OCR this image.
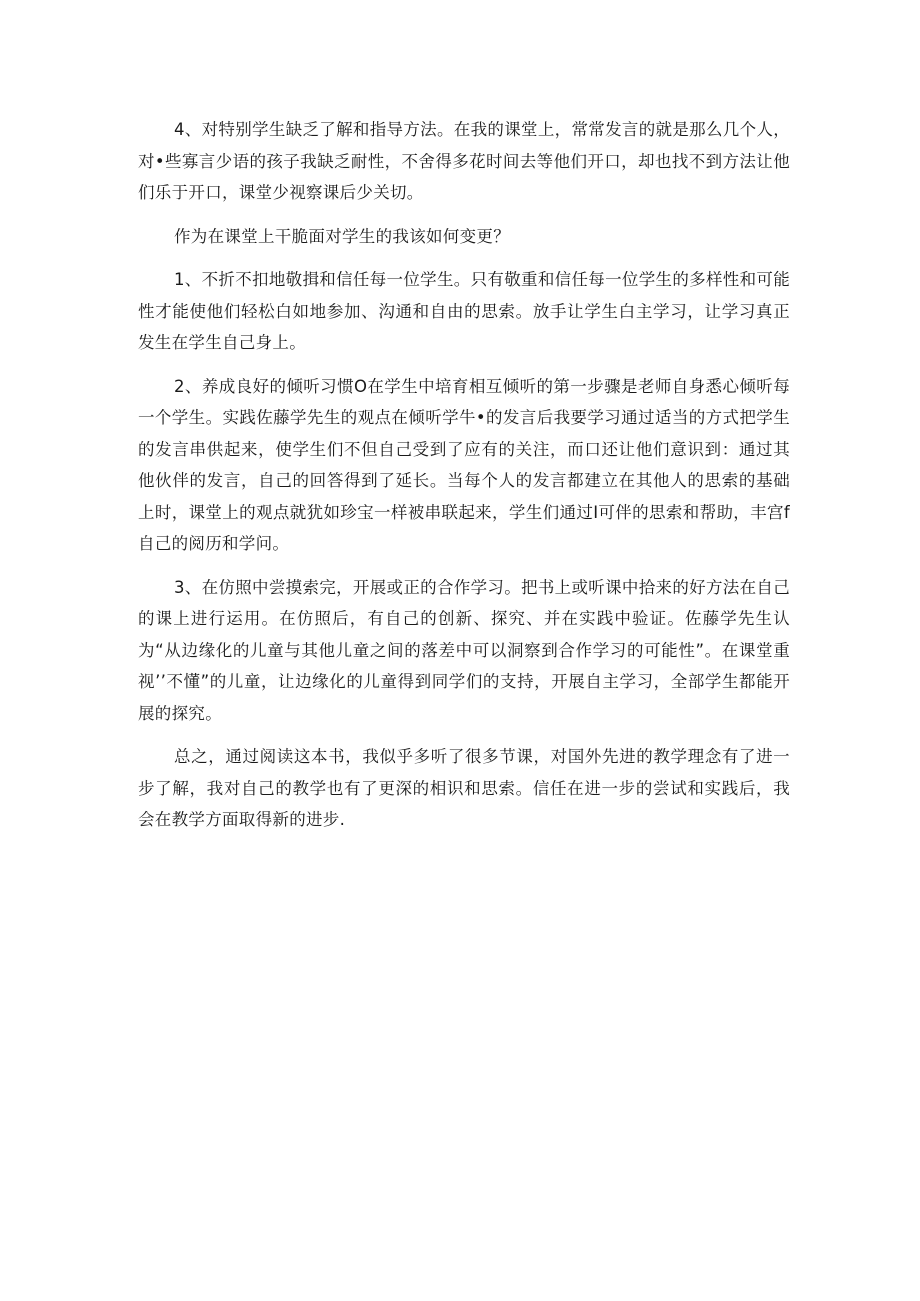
4、对特别学生缺乏了解和指导方法。在我的课堂上，常常发言的就是那么几个人，对•些寡言少语的孩子我缺乏耐性，不舍得多花时间去等他们开口，却也找不到方法让他们乐于开口，课堂少视察课后少关切。

作为在课堂上干脆面对学生的我该如何变更？

1、不折不扣地敬揖和信任每一位学生。只有敬重和信任每一位学生的多样性和可能性才能使他们轻松白如地参加、沟通和自由的思索。放手让学生白主学习，让学习真正发生在学生自己身上。

2、养成良好的倾听习惯O在学生中培育相互倾听的第一步骤是老师自身悉心倾听每一个学生。实践佐藤学先生的观点在倾听学牛•的发言后我要学习通过适当的方式把学生的发言串供起来，使学生们不但自己受到了应有的关注，而口还让他们意识到：通过其他伙伴的发言，自己的回答得到了延长。当每个人的发言都建立在其他人的思索的基础上时，课堂上的观点就犹如珍宝一样被串联起来，学生们通过I可伴的思索和帮助，丰宫f自己的阅历和学问。

3、在仿照中尝摸索完，开展或正的合作学习。把书上或听课中拾来的好方法在自己的课上进行运用。在仿照后，有自己的创新、探究、并在实践中验证。佐藤学先生认为“从边缘化的儿童与其他儿童之间的落差中可以洞察到合作学习的可能性”。在课堂重视’’不懂”的儿童，让边缘化的儿童得到同学们的支持，开展自主学习，全部学生都能开展的探究。

总之，通过阅读这本书，我似乎多听了很多节课，对国外先进的教学理念有了进一步了解，我对自己的教学也有了更深的相识和思索。信任在进一步的尝试和实践后，我会在教学方面取得新的进步.
